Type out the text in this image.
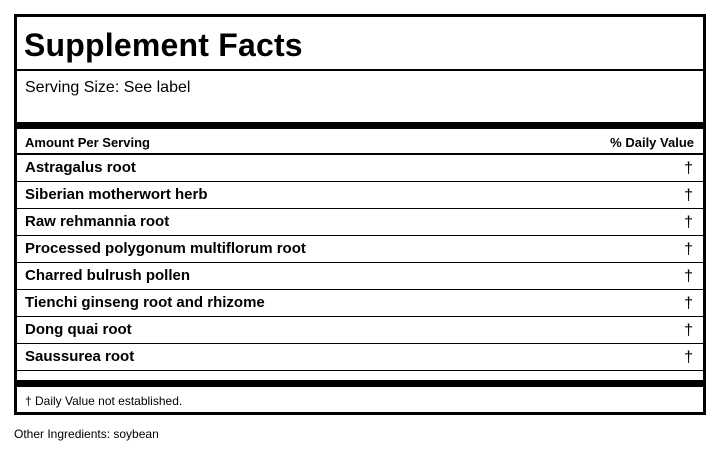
Supplement Facts
Serving Size: See label
Amount Per Serving	% Daily Value
Astragalus root	†
Siberian motherwort herb	†
Raw rehmannia root	†
Processed polygonum multiflorum root	†
Charred bulrush pollen	†
Tienchi ginseng root and rhizome	†
Dong quai root	†
Saussurea root	†
† Daily Value not established.
Other Ingredients: soybean
